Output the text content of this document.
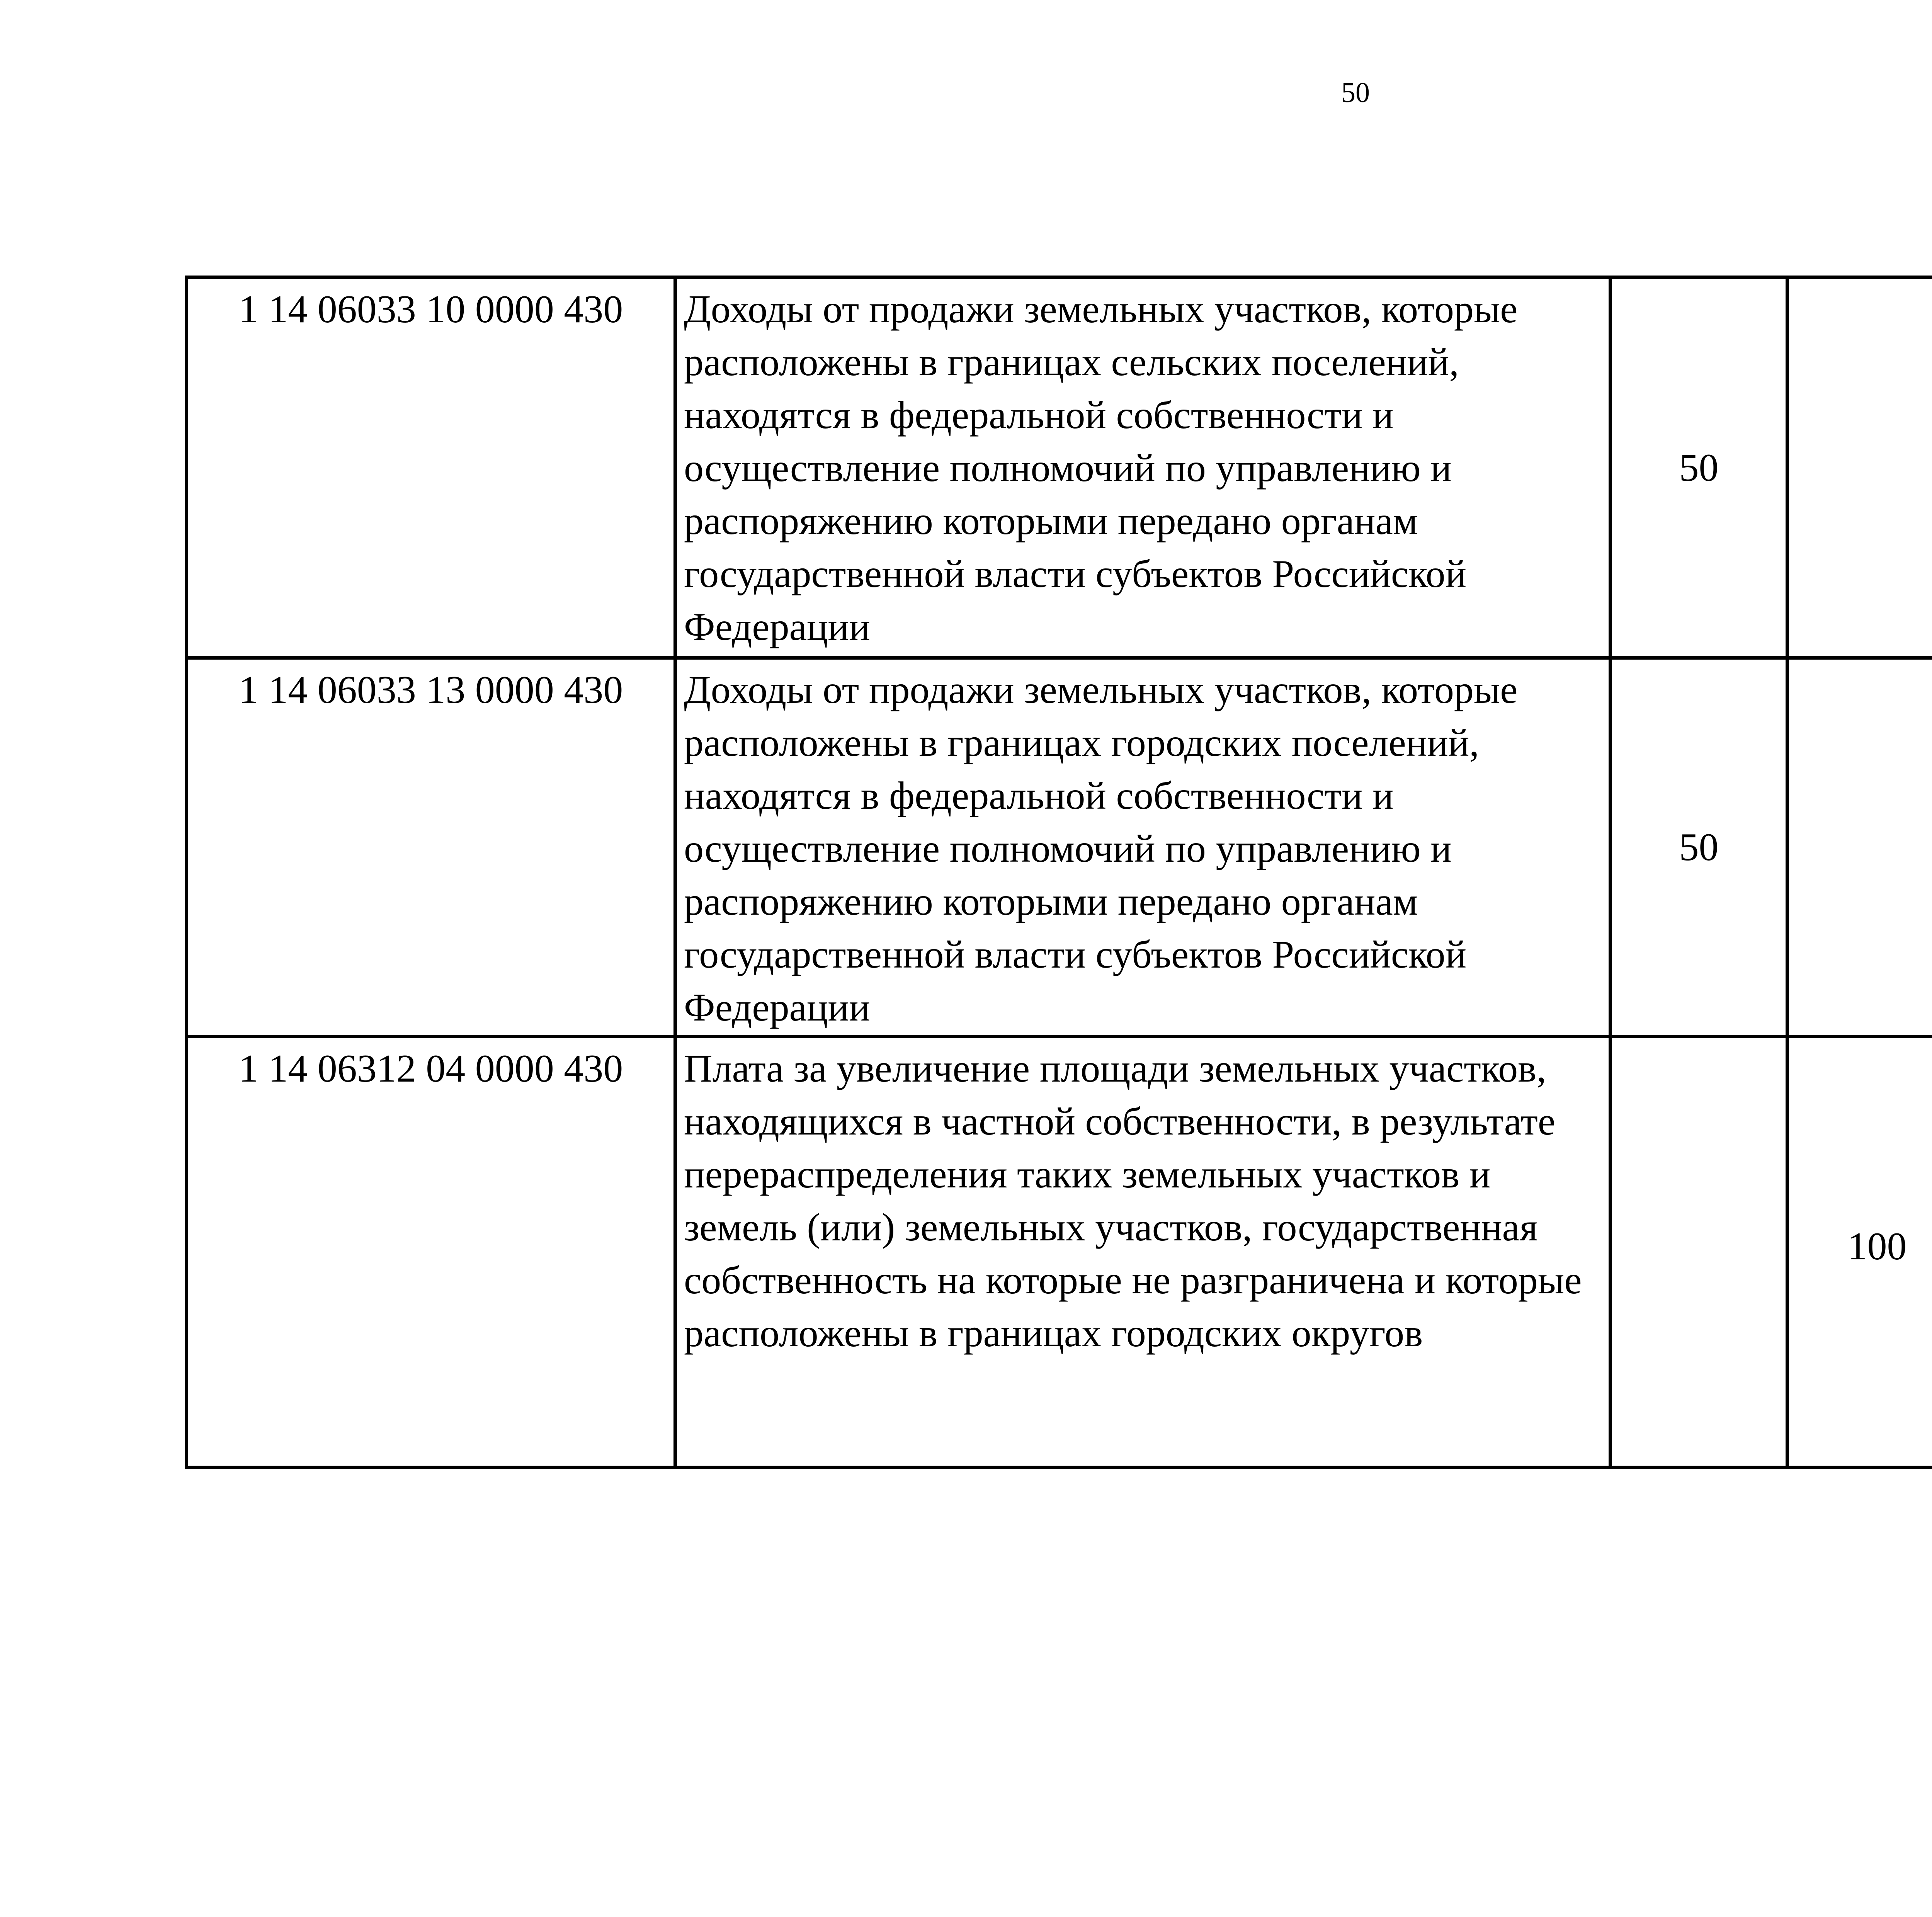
50
1 14 06033 10 0000 430	Доходы от продажи земельных участков, которые расположены в границах сельских поселений, находятся в федеральной собственности и осуществление полномочий по управлению и распоряжению которыми передано органам государственной власти субъектов Российской Федерации	50				
1 14 06033 13 0000 430	Доходы от продажи земельных участков, которые расположены в границах городских поселений, находятся в федеральной собственности и осуществление полномочий по управлению и распоряжению которыми передано органам государственной власти субъектов Российской Федерации	50				
1 14 06312 04 0000 430	Плата за увеличение площади земельных участков, находящихся в частной собственности, в результате перераспределения таких земельных участков и земель (или) земельных участков, государственная собственность на которые не разграничена и которые расположены в границах городских округов		100			
